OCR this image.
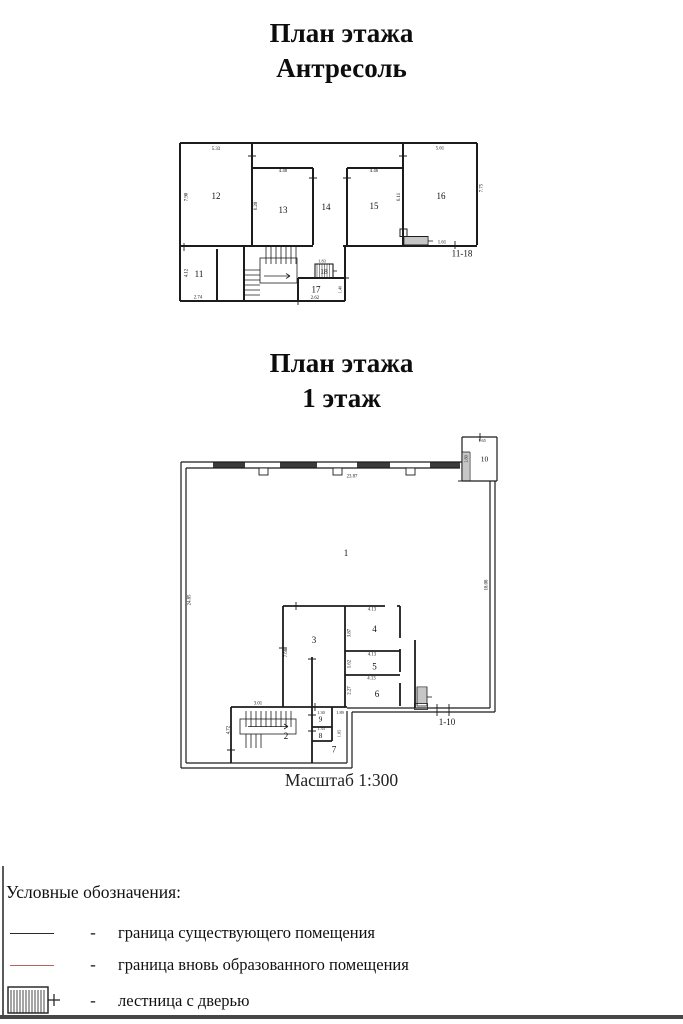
План этажа
Антресоль
12
13	14	15
16
11
17
18
11-18
5.33
4.48	4.46
5.61
1.61
2.74	2.62
1.83
7.90
6.20
6.11
7.75
4.12
1.40
План этажа
1 этаж
1
2
3
4
5
6
7
8
9
10
1-10
23.87
24.85
18.08
1.65
1.80
7.68
4.13
3.87
4.13
1.62
4.13
2.27
3.01
4.72
1.30	1.89
1.33
1.85
Масштаб 1:300
Условные обозначения:
- граница существующего помещения
- граница вновь образованного помещения
- лестница с дверью
